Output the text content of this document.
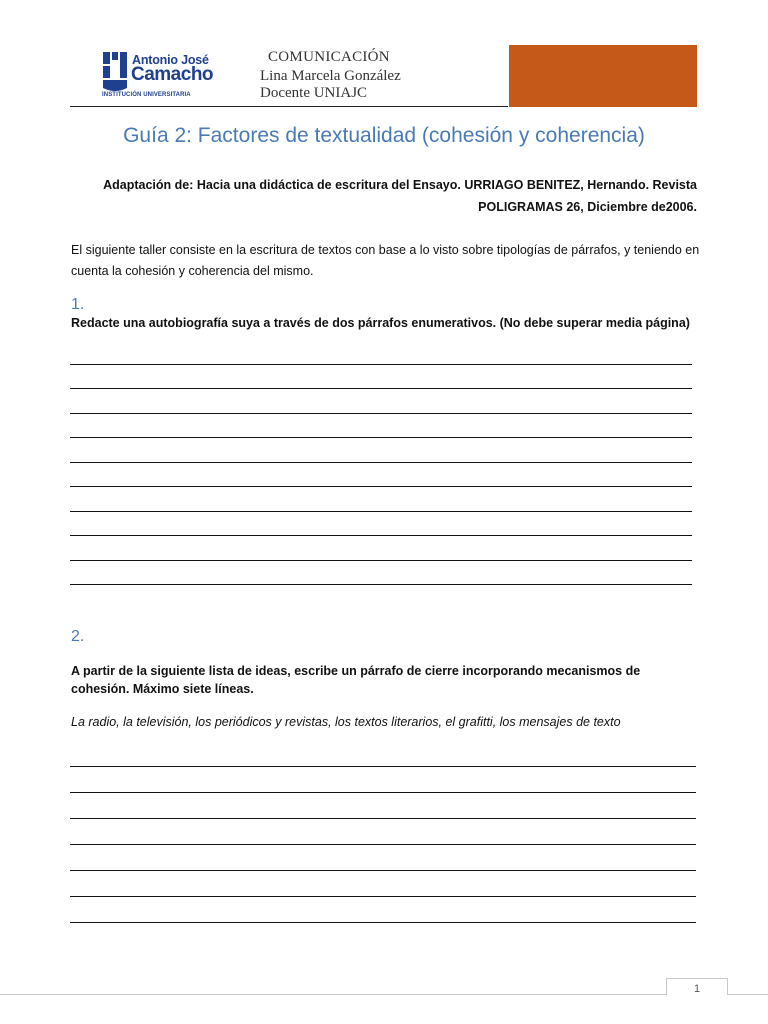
Antonio José
Camacho
INSTITUCIÓN UNIVERSITARIA
COMUNICACIÓN
Lina Marcela González
Docente UNIAJC
Guía 2: Factores de textualidad (cohesión y coherencia)
Adaptación de: Hacia una didáctica de escritura del Ensayo. URRIAGO BENITEZ, Hernando. Revista
POLIGRAMAS 26, Diciembre de2006.
El siguiente taller consiste en la escritura de textos con base a lo visto sobre tipologías de párrafos, y teniendo en cuenta la cohesión y coherencia del mismo.
1.
Redacte una autobiografía suya a través de dos párrafos enumerativos. (No debe superar media página)
2.
A partir de la siguiente lista de ideas, escribe un párrafo de cierre incorporando mecanismos de cohesión. Máximo siete líneas.
La radio, la televisión, los periódicos y revistas, los textos literarios, el grafitti, los mensajes de texto
1
